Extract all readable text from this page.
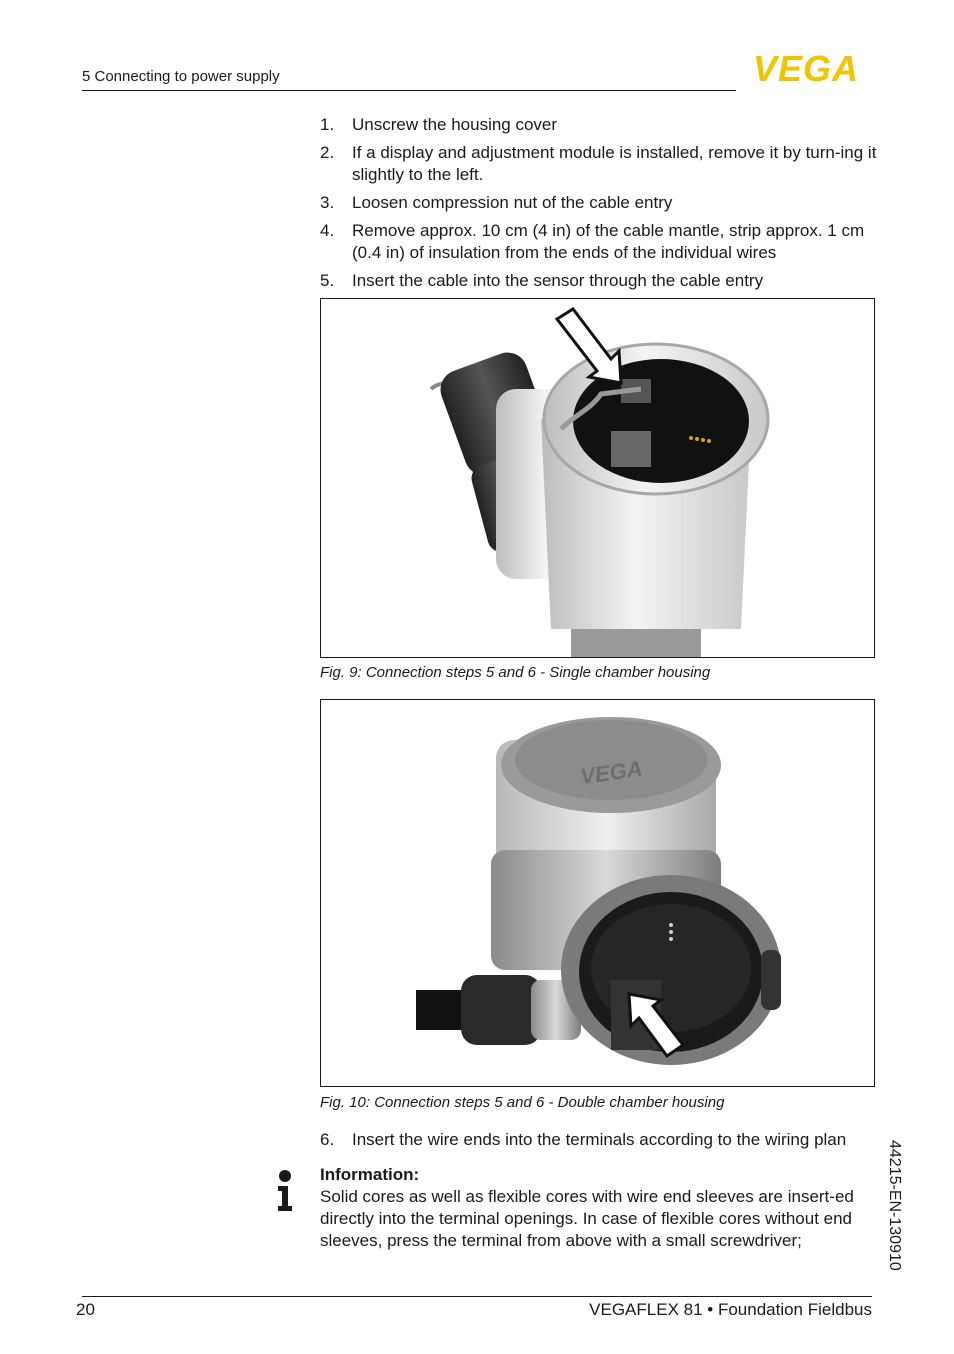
5 Connecting to power supply	VEGA
1.	Unscrew the housing cover
2.	If a display and adjustment module is installed, remove it by turn-ing it slightly to the left.
3.	Loosen compression nut of the cable entry
4.	Remove approx. 10 cm (4 in) of the cable mantle, strip approx. 1 cm (0.4 in) of insulation from the ends of the individual wires
5.	Insert the cable into the sensor through the cable entry
Fig. 9: Connection steps 5 and 6 - Single chamber housing
VEGA
Fig. 10: Connection steps 5 and 6 - Double chamber housing
6.	Insert the wire ends into the terminals according to the wiring plan
Information:
Solid cores as well as flexible cores with wire end sleeves are insert-ed directly into the terminal openings. In case of flexible cores without end sleeves, press the terminal from above with a small screwdriver;	44215-EN-130910
20	VEGAFLEX 81 • Foundation Fieldbus
